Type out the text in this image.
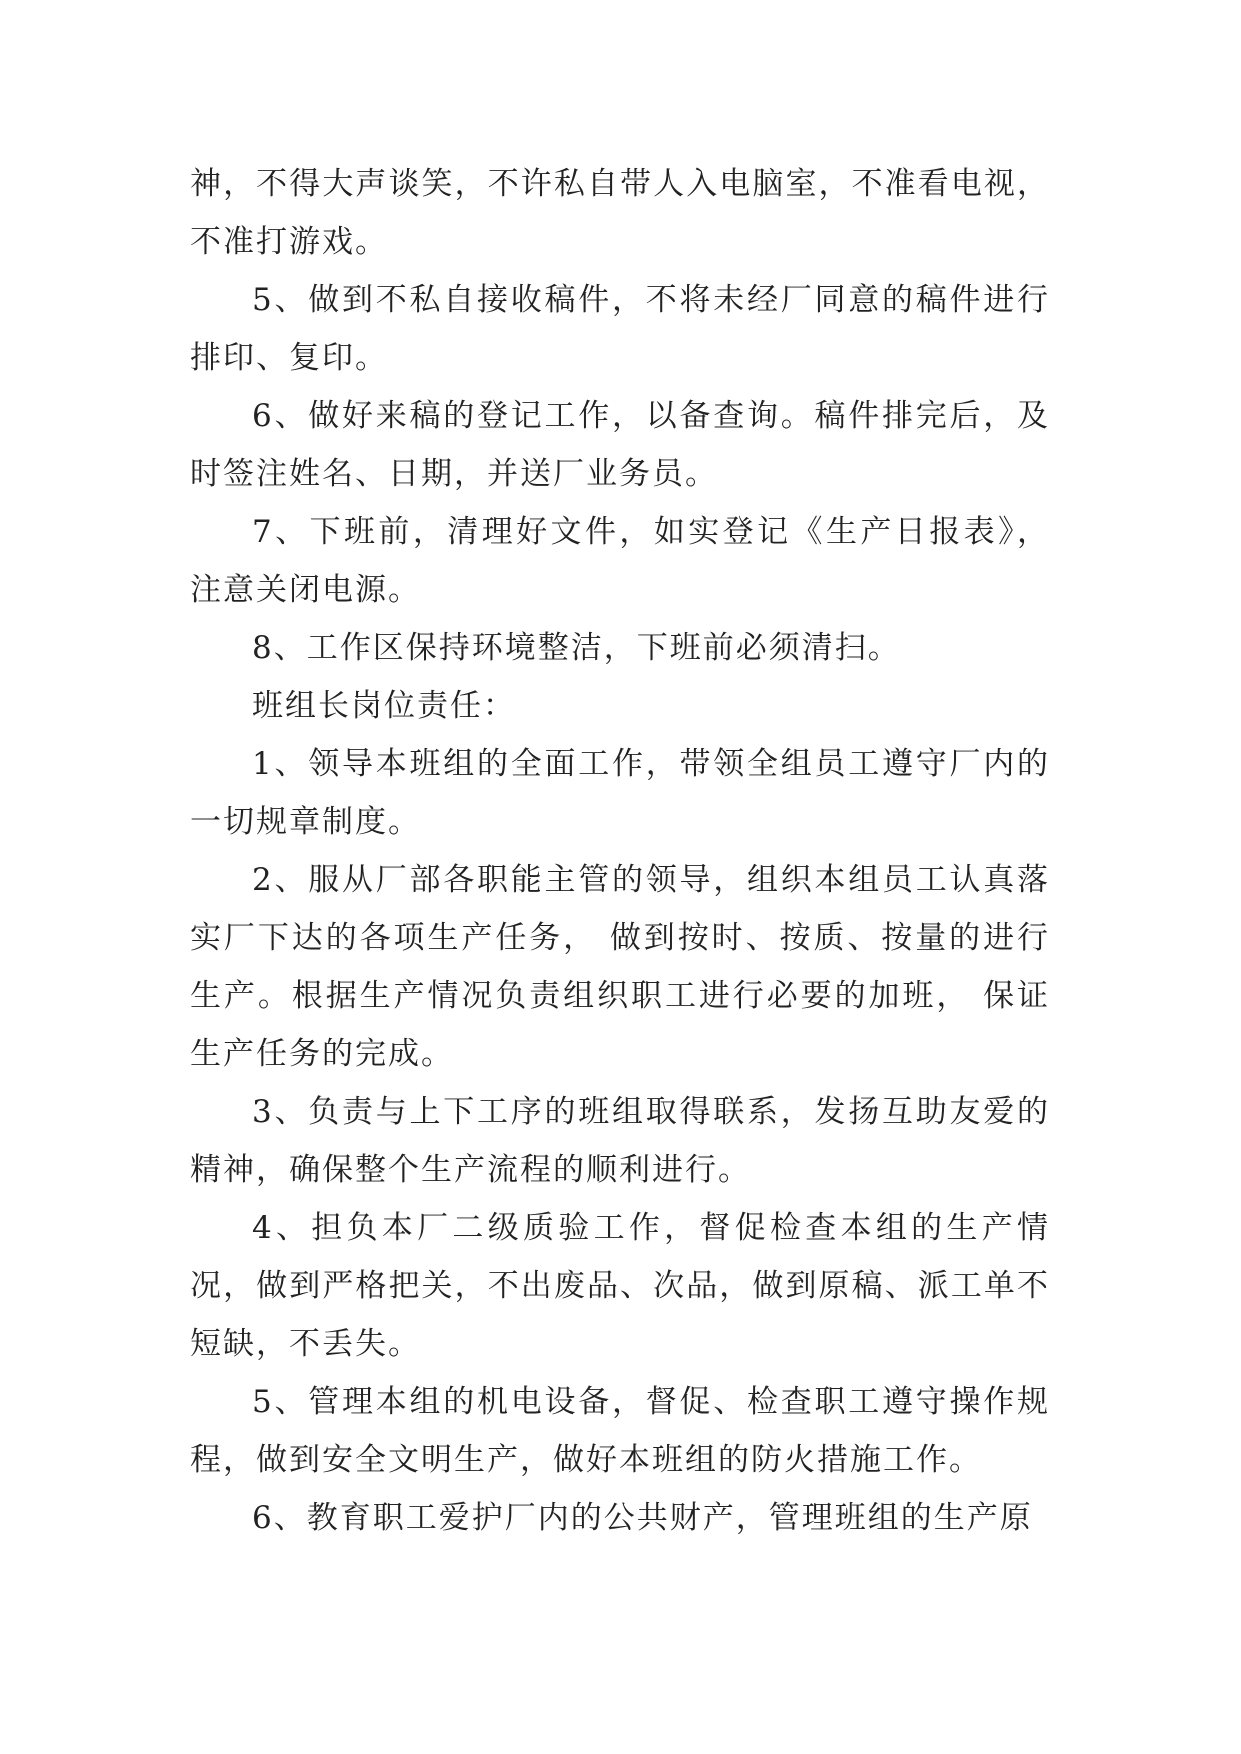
神，不得大声谈笑，不许私自带人入电脑室，不准看电视，不准打游戏。

5、做到不私自接收稿件，不将未经厂同意的稿件进行排印、复印。

6、做好来稿的登记工作，以备查询。稿件排完后，及时签注姓名、日期，并送厂业务员。

7、下班前，清理好文件，如实登记《生产日报表》，注意关闭电源。

8、工作区保持环境整洁，下班前必须清扫。

班组长岗位责任：

1、领导本班组的全面工作，带领全组员工遵守厂内的一切规章制度。

2、服从厂部各职能主管的领导，组织本组员工认真落实厂下达的各项生产任务， 做到按时、按质、按量的进行生产。根据生产情况负责组织职工进行必要的加班， 保证生产任务的完成。

3、负责与上下工序的班组取得联系，发扬互助友爱的精神，确保整个生产流程的顺利进行。

4、担负本厂二级质验工作，督促检查本组的生产情况，做到严格把关，不出废品、次品，做到原稿、派工单不短缺，不丢失。

5、管理本组的机电设备，督促、检查职工遵守操作规程，做到安全文明生产，做好本班组的防火措施工作。

6、教育职工爱护厂内的公共财产，管理班组的生产原
